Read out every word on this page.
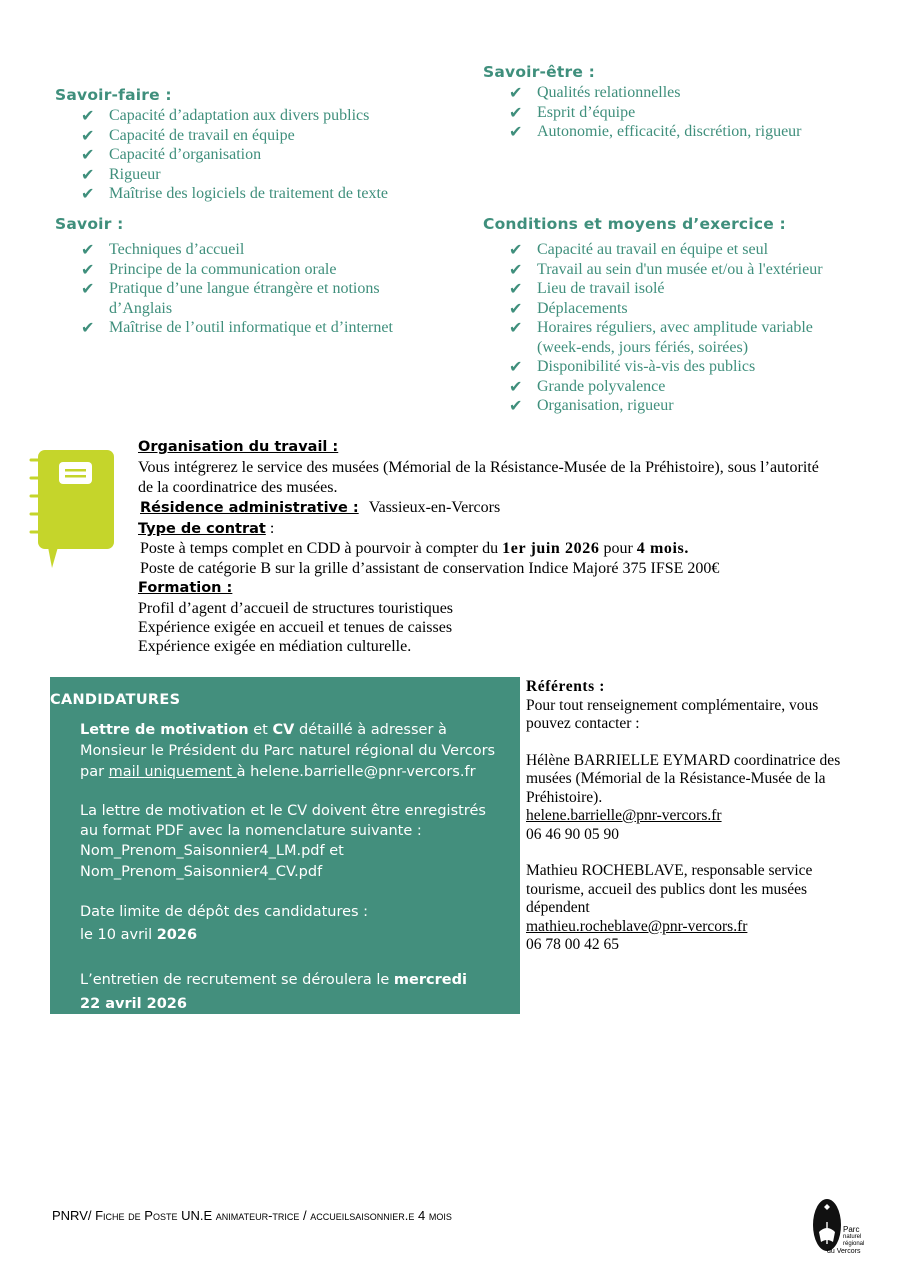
Savoir-faire :
✔ Capacité d’adaptation aux divers publics
✔ Capacité de travail en équipe
✔ Capacité d’organisation
✔ Rigueur
✔ Maîtrise des logiciels de traitement de texte
Savoir-être :
✔ Qualités relationnelles
✔ Esprit d’équipe
✔ Autonomie, efficacité, discrétion, rigueur
Savoir :
✔ Techniques d’accueil
✔ Principe de la communication orale
✔ Pratique d’une langue étrangère et notions
d’Anglais
✔ Maîtrise de l’outil informatique et d’internet
Conditions et moyens d’exercice :
✔ Capacité au travail en équipe et seul
✔ Travail au sein d'un musée et/ou à l'extérieur
✔ Lieu de travail isolé
✔ Déplacements
✔ Horaires réguliers, avec amplitude variable
(week-ends, jours fériés, soirées)
✔ Disponibilité vis-à-vis des publics
✔ Grande polyvalence
✔ Organisation, rigueur
Organisation du travail :
Vous intégrerez le service des musées (Mémorial de la Résistance-Musée de la Préhistoire), sous l’autorité
de la coordinatrice des musées.
Résidence administrative : Vassieux-en-Vercors
Type de contrat :
Poste à temps complet en CDD à pourvoir à compter du 1er juin 2026 pour 4 mois.
Poste de catégorie B sur la grille d’assistant de conservation Indice Majoré 375 IFSE 200€
Formation :
Profil d’agent d’accueil de structures touristiques
Expérience exigée en accueil et tenues de caisses
Expérience exigée en médiation culturelle.
CANDIDATURES
Lettre de motivation et CV détaillé à adresser à
Monsieur le Président du Parc naturel régional du Vercors
par mail uniquement à helene.barrielle@pnr-vercors.fr
La lettre de motivation et le CV doivent être enregistrés
au format PDF avec la nomenclature suivante :
Nom_Prenom_Saisonnier4_LM.pdf et
Nom_Prenom_Saisonnier4_CV.pdf
Date limite de dépôt des candidatures :
le 10 avril 2026
L’entretien de recrutement se déroulera le mercredi
22 avril 2026
Référents :
Pour tout renseignement complémentaire, vous
pouvez contacter :
Hélène BARRIELLE EYMARD coordinatrice des
musées (Mémorial de la Résistance-Musée de la
Préhistoire).
helene.barrielle@pnr-vercors.fr
06 46 90 05 90
Mathieu ROCHEBLAVE, responsable service
tourisme, accueil des publics dont les musées
dépendent
mathieu.rocheblave@pnr-vercors.fr
06 78 00 42 65
PNRV/ Fiche de Poste UN.E animateur-trice / accueilsaisonnier.e 4 mois
Parc
naturel
régional
du Vercors
